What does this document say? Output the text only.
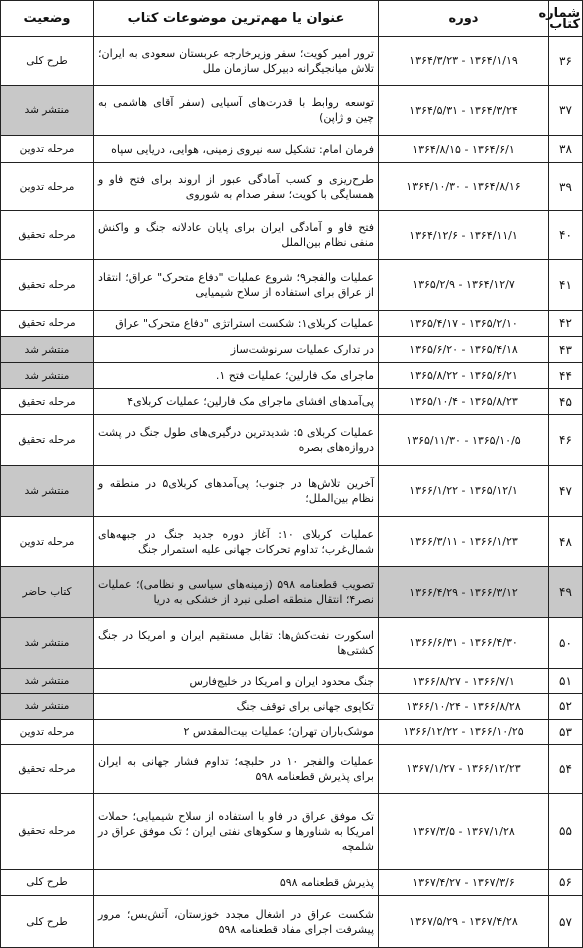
شماره کتاب	دوره	عنوان یا مهم‌ترین موضوعات کتاب	وضعیت
۳۶	۱۳۶۴/۱/۱۹ - ۱۳۶۴/۳/۲۳	ترور امیر کویت؛ سفر وزیرخارجه عربستان سعودی به ایران؛ تلاش میانجیگرانه دبیرکل سازمان ملل	طرح کلی
۳۷	۱۳۶۴/۳/۲۴ - ۱۳۶۴/۵/۳۱	توسعه روابط با قدرت‌های آسیایی (سفر آقای هاشمی به چین و ژاپن)	منتشر شد
۳۸	۱۳۶۴/۶/۱ - ۱۳۶۴/۸/۱۵	فرمان امام: تشکیل سه نیروی زمینی، هوایی، دریایی سپاه	مرحله تدوین
۳۹	۱۳۶۴/۸/۱۶ - ۱۳۶۴/۱۰/۳۰	طرح‌ریزی و کسب آمادگی عبور از اروند برای فتح فاو و همسایگی با کویت؛ سفر صدام به شوروی	مرحله تدوین
۴۰	۱۳۶۴/۱۱/۱ - ۱۳۶۴/۱۲/۶	فتح فاو و آمادگی ایران برای پایان عادلانه جنگ و واکنش منفی نظام بین‌الملل	مرحله تحقیق
۴۱	۱۳۶۴/۱۲/۷ - ۱۳۶۵/۲/۹	عملیات والفجر۹؛ شروع عملیات "دفاع متحرک" عراق؛ انتقاد از عراق برای استفاده از سلاح شیمیایی	مرحله تحقیق
۴۲	۱۳۶۵/۲/۱۰ - ۱۳۶۵/۴/۱۷	عملیات کربلای۱: شکست استراتژی "دفاع متحرک" عراق	مرحله تحقیق
۴۳	۱۳۶۵/۴/۱۸ - ۱۳۶۵/۶/۲۰	در تدارک عملیات سرنوشت‌ساز	منتشر شد
۴۴	۱۳۶۵/۶/۲۱ - ۱۳۶۵/۸/۲۲	ماجرای مک فارلین؛ عملیات فتح ۱.	منتشر شد
۴۵	۱۳۶۵/۸/۲۳ - ۱۳۶۵/۱۰/۴	پی‌آمدهای افشای ماجرای مک فارلین؛ عملیات کربلای۴	مرحله تحقیق
۴۶	۱۳۶۵/۱۰/۵ - ۱۳۶۵/۱۱/۳۰	عملیات کربلای ۵: شدیدترین درگیری‌های طول جنگ در پشت دروازه‌های بصره	مرحله تحقیق
۴۷	۱۳۶۵/۱۲/۱ - ۱۳۶۶/۱/۲۲	آخرین تلاش‌ها در جنوب؛ پی‌آمدهای کربلای۵ در منطقه و نظام بین‌الملل؛	منتشر شد
۴۸	۱۳۶۶/۱/۲۳ - ۱۳۶۶/۳/۱۱	عملیات کربلای ۱۰: آغاز دوره جدید جنگ در جبهه‌های شمال‌غرب؛ تداوم تحرکات جهانی علیه استمرار جنگ	مرحله تدوین
۴۹	۱۳۶۶/۳/۱۲ - ۱۳۶۶/۴/۲۹	تصویب قطعنامه ۵۹۸ (زمینه‌های سیاسی و نظامی)؛ عملیات نصر۴؛ انتقال منطقه اصلی نبرد از خشکی به دریا	کتاب حاضر
۵۰	۱۳۶۶/۴/۳۰ - ۱۳۶۶/۶/۳۱	اسکورت نفت‌کش‌ها: تقابل مستقیم ایران و امریکا در جنگ کشتی‌ها	منتشر شد
۵۱	۱۳۶۶/۷/۱ - ۱۳۶۶/۸/۲۷	جنگ محدود ایران و امریکا در خلیج‌فارس	منتشر شد
۵۲	۱۳۶۶/۸/۲۸ - ۱۳۶۶/۱۰/۲۴	تکاپوی جهانی برای توقف جنگ	منتشر شد
۵۳	۱۳۶۶/۱۰/۲۵ - ۱۳۶۶/۱۲/۲۲	موشک‌باران تهران؛ عملیات بیت‌المقدس ۲	مرحله تدوین
۵۴	۱۳۶۶/۱۲/۲۳ - ۱۳۶۷/۱/۲۷	عملیات والفجر ۱۰ در حلبچه؛ تداوم فشار جهانی به ایران برای پذیرش قطعنامه ۵۹۸	مرحله تحقیق
۵۵	۱۳۶۷/۱/۲۸ - ۱۳۶۷/۳/۵	تک موفق عراق در فاو با استفاده از سلاح شیمیایی؛ حملات امریکا به شناورها و سکوهای نفتی ایران ؛ تک موفق عراق در شلمچه	مرحله تحقیق
۵۶	۱۳۶۷/۳/۶ - ۱۳۶۷/۴/۲۷	پذیرش قطعنامه ۵۹۸	طرح کلی
۵۷	۱۳۶۷/۴/۲۸ - ۱۳۶۷/۵/۲۹	شکست عراق در اشغال مجدد خوزستان، آتش‌بس؛ مرور پیشرفت اجرای مفاد قطعنامه ۵۹۸	طرح کلی
